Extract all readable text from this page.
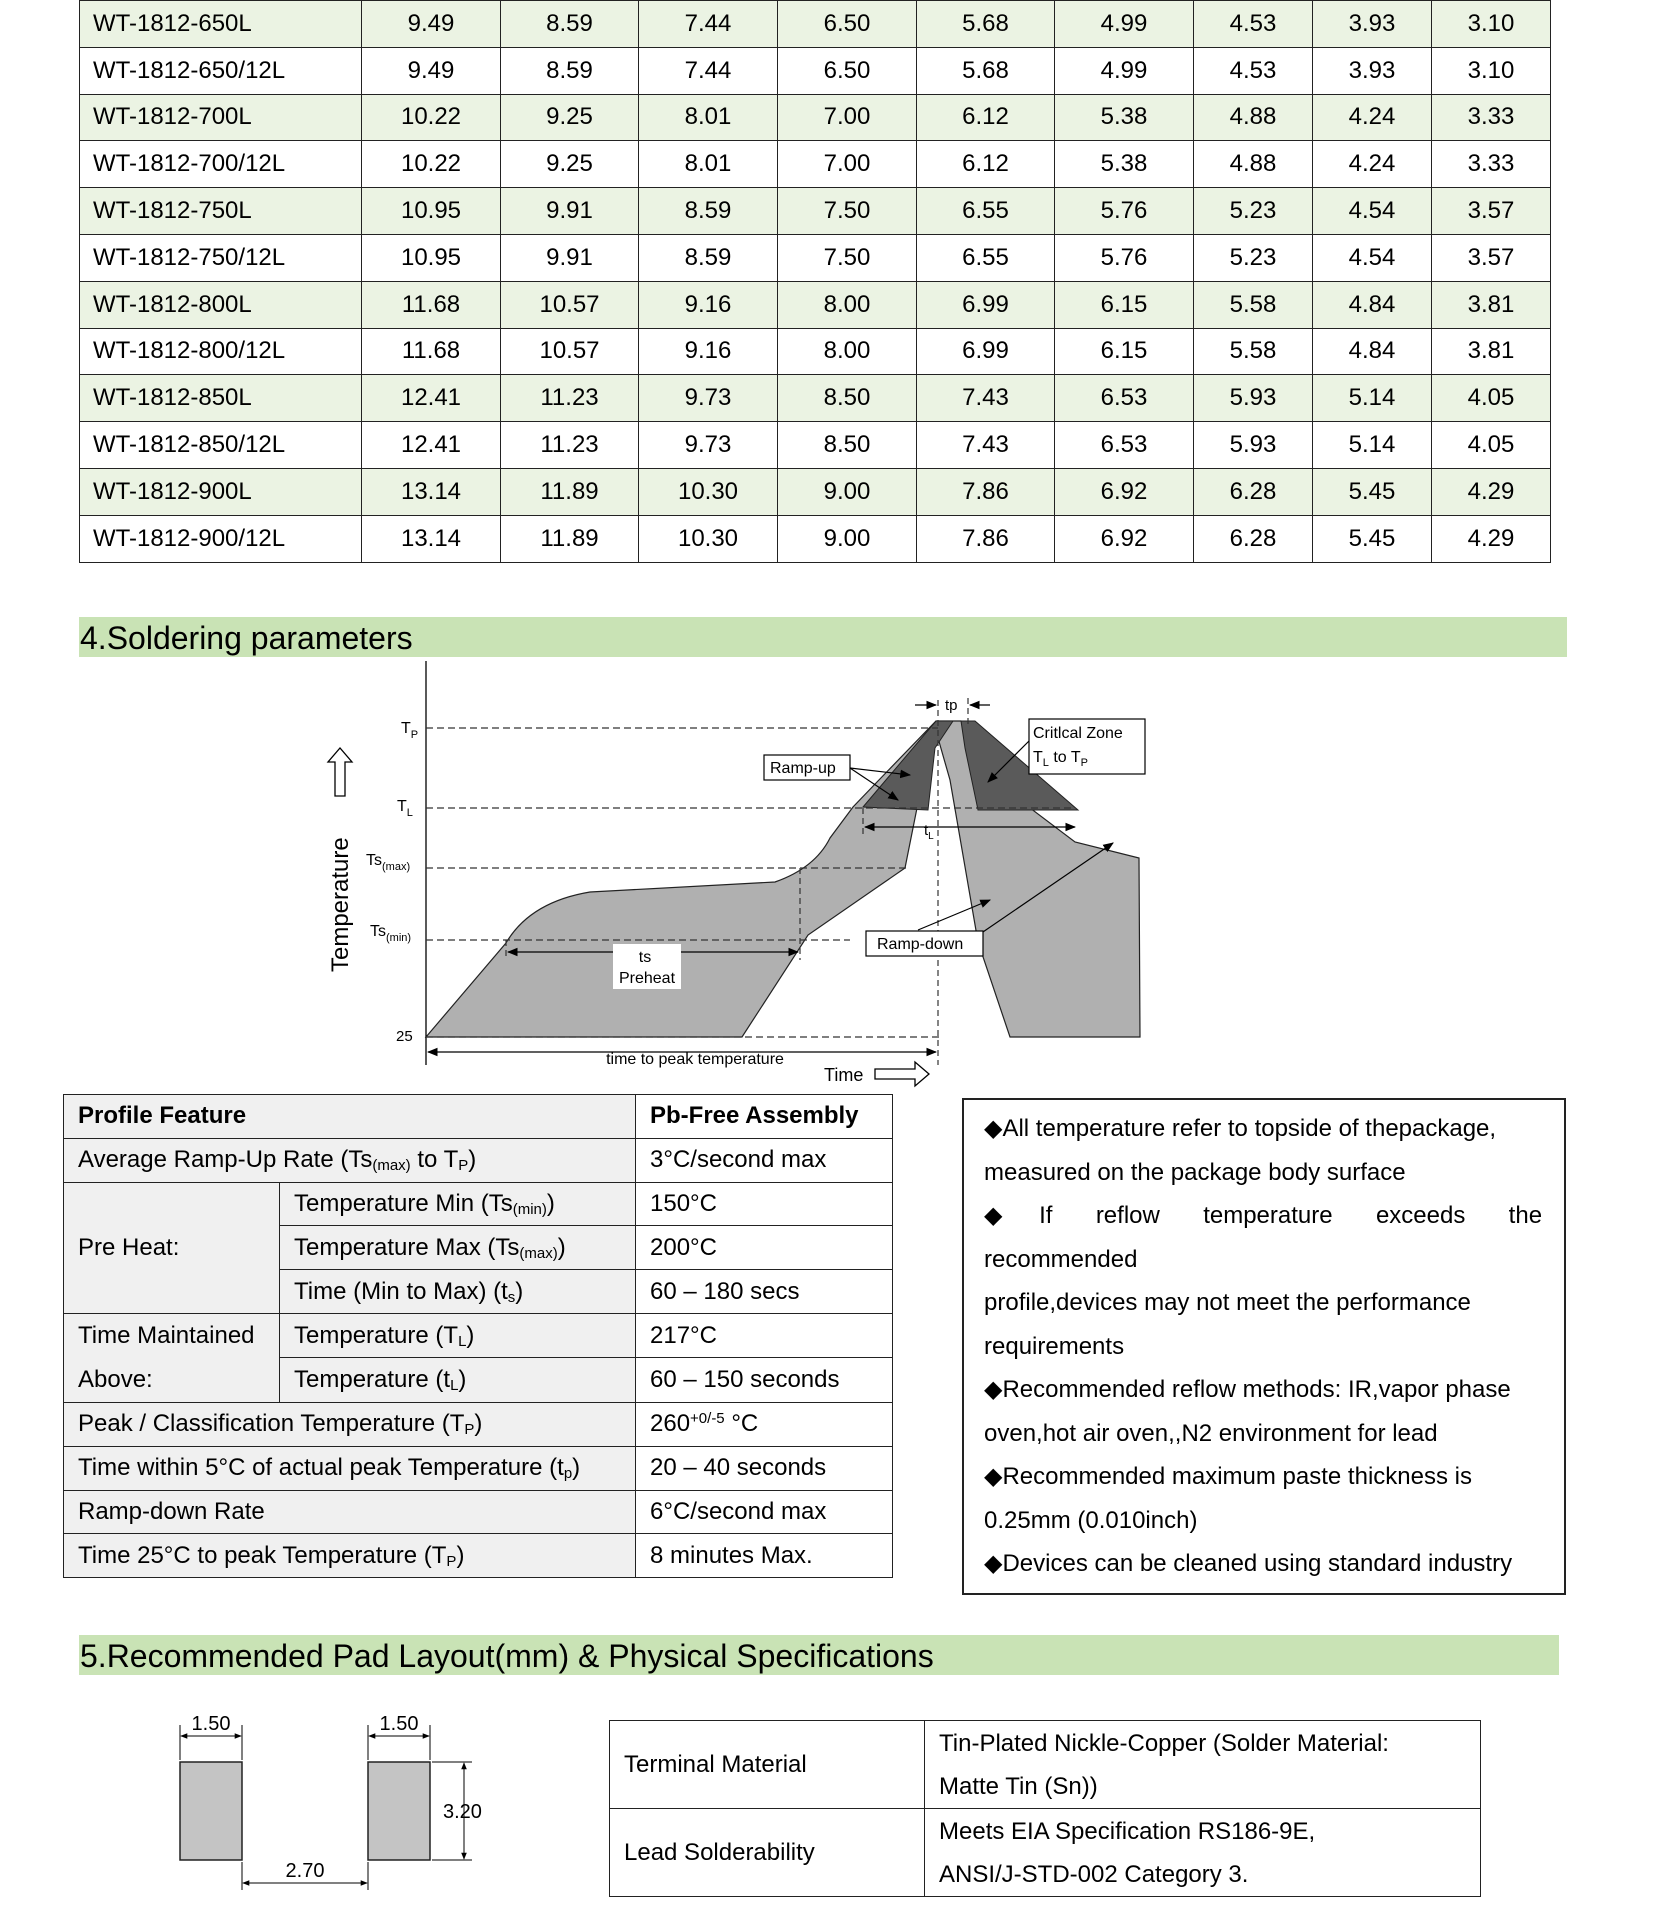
WT-1812-650L	9.49	8.59	7.44	6.50	5.68	4.99	4.53	3.93	3.10
WT-1812-650/12L	9.49	8.59	7.44	6.50	5.68	4.99	4.53	3.93	3.10
WT-1812-700L	10.22	9.25	8.01	7.00	6.12	5.38	4.88	4.24	3.33
WT-1812-700/12L	10.22	9.25	8.01	7.00	6.12	5.38	4.88	4.24	3.33
WT-1812-750L	10.95	9.91	8.59	7.50	6.55	5.76	5.23	4.54	3.57
WT-1812-750/12L	10.95	9.91	8.59	7.50	6.55	5.76	5.23	4.54	3.57
WT-1812-800L	11.68	10.57	9.16	8.00	6.99	6.15	5.58	4.84	3.81
WT-1812-800/12L	11.68	10.57	9.16	8.00	6.99	6.15	5.58	4.84	3.81
WT-1812-850L	12.41	11.23	9.73	8.50	7.43	6.53	5.93	5.14	4.05
WT-1812-850/12L	12.41	11.23	9.73	8.50	7.43	6.53	5.93	5.14	4.05
WT-1812-900L	13.14	11.89	10.30	9.00	7.86	6.92	6.28	5.45	4.29
WT-1812-900/12L	13.14	11.89	10.30	9.00	7.86	6.92	6.28	5.45	4.29
4.Soldering parameters
Temperature
$T_P$
$T_L$
$Ts_{(max)}$
$Ts_{(min)}$
25
tp
$t_L$
Ramp-up
Ramp-down
Critlcal Zone
$T_L$ to $T_P$
ts
Preheat
time to peak temperature
Time
Profile Feature		Pb-Free Assembly
Average Ramp-Up Rate ($Ts_{(max)}$ to $T_P$)		3°C/second max
Pre Heat:	Temperature Min $(Ts_{(min)})$	150°C
	Temperature Max $(Ts_{(max)})$	200°C
	Time (Min to Max) $(t_s)$	60 – 180 secs

Time Maintained
Above:	Temperature $(T_L)$	217°C
	Temperature $(t_L)$	60 – 150 seconds
Peak / Classification Temperature $(T_P)$		$260^{+0/-5}$ °C
Time within 5°C of actual peak Temperature $(t_p)$		20 – 40 seconds
Ramp-down Rate		6°C/second max
Time 25°C to peak Temperature $(T_P)$		8 minutes Max.

◆All temperature refer to topside of thepackage,

measured on the package body surface

◆If reflow temperature exceeds the

recommended

profile,devices may not meet the performance

requirements

◆Recommended reflow methods: IR,vapor phase

oven,hot air oven,,N2 environment for lead

◆Recommended maximum paste thickness is

0.25mm (0.010inch)

◆Devices can be cleaned using standard industry

5.Recommended Pad Layout(mm) & Physical Specifications
1.50	1.50
3.20
2.70
Terminal Material	Tin-Plated Nickle-Copper (Solder Material:
Matte Tin (Sn))

Lead Solderability	Meets EIA Specification RS186-9E,
ANSI/J-STD-002 Category 3.
